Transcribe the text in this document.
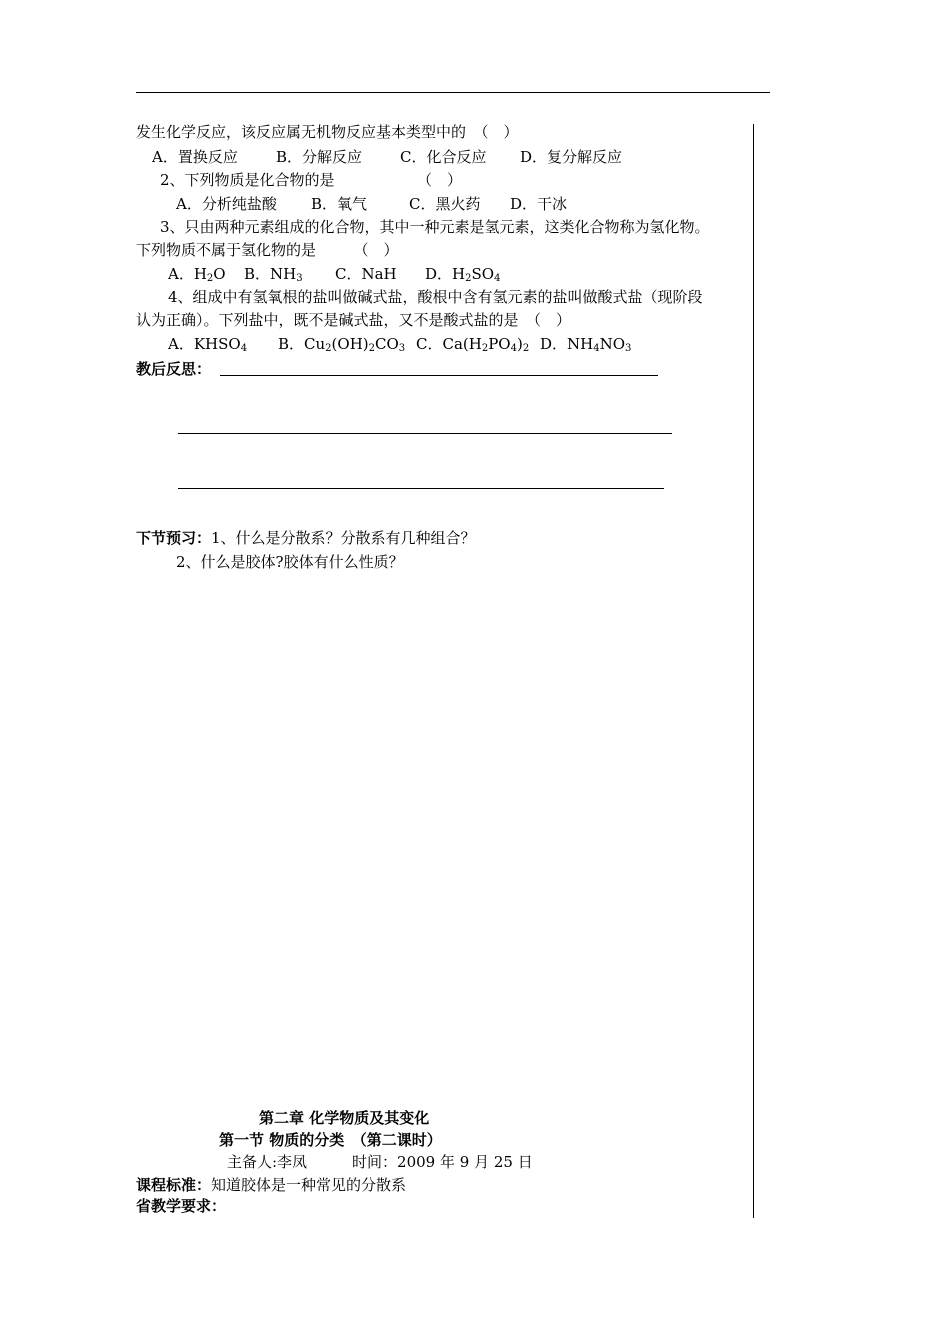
发生化学反应，该反应属无机物反应基本类型中的　（　）
A．置换反应	B．分解反应	C．化合反应 D．复分解反应
2、下列物质是化合物的是　　　　　　（　）
A．分析纯盐酸 B．氧气	C．黑火药 D．干冰
3、只由两种元素组成的化合物，其中一种元素是氢元素，这类化合物称为氢化物。
下列物质不属于氢化物的是　　　（　）
A．$H_2O$ B．$NH_3$ C．NaH D．$H_2SO_4$
4、组成中有氢氧根的盐叫做碱式盐，酸根中含有氢元素的盐叫做酸式盐（现阶段
认为正确）。下列盐中，既不是碱式盐，又不是酸式盐的是　（　）
A．$KHSO_4$ B．$Cu_2(OH)_2CO_3$ C．$Ca(H_2PO_4)_2$ D．$NH_4NO_3$
教后反思：
下节预习：1、什么是分散系？分散系有几种组合？
2、什么是胶体?胶体有什么性质？
第二章 化学物质及其变化
第一节 物质的分类　（第二课时）
主备人:李凤　　　时间：2009 年 9 月 25 日
课程标准：知道胶体是一种常见的分散系
省教学要求：
